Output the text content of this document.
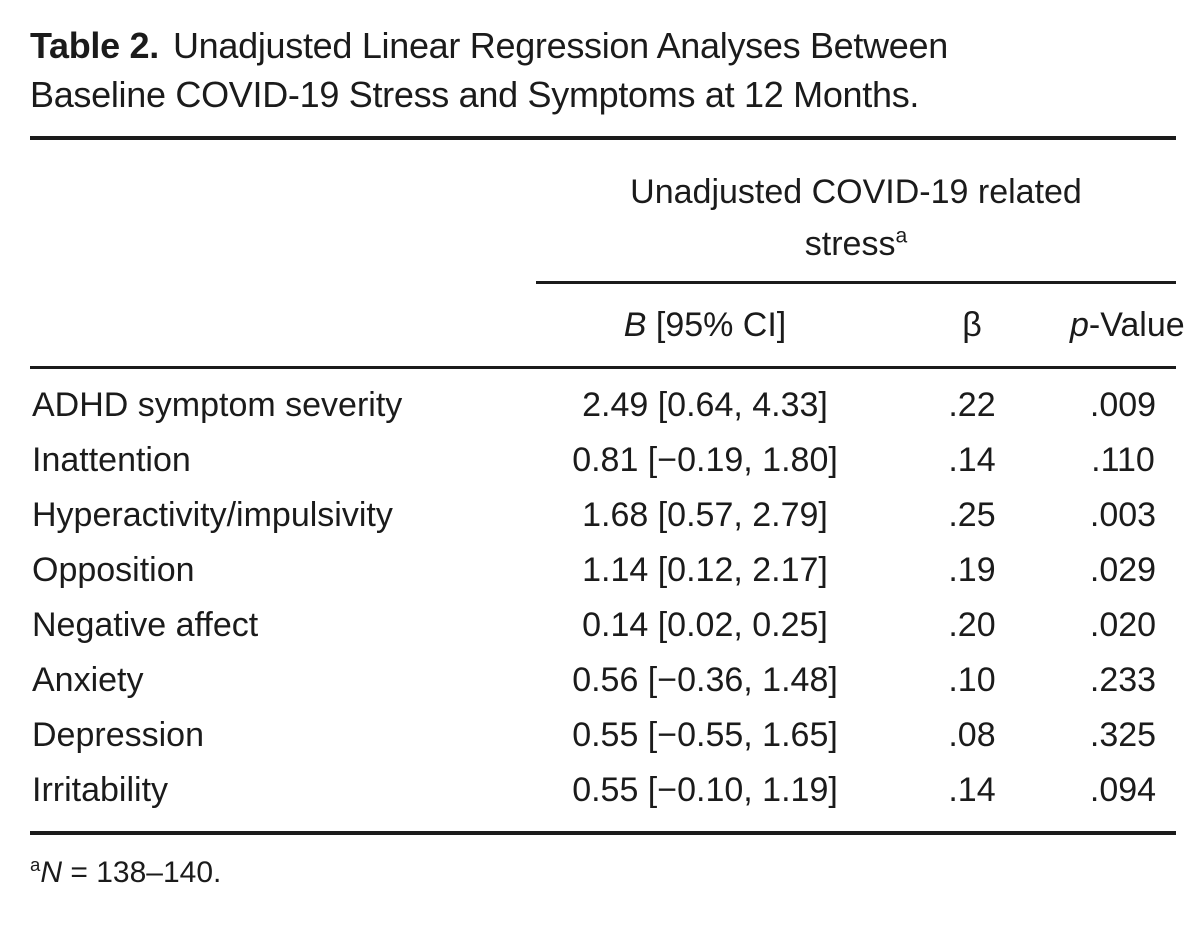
Table 2. Unadjusted Linear Regression Analyses Between
Baseline COVID-19 Stress and Symptoms at 12 Months.
Unadjusted COVID-19 related
stress$^a$
B [95% CI]	β	p-Value
ADHD symptom severity	2.49 [0.64, 4.33]	.22	.009
Inattention	0.81 [−0.19, 1.80]	.14	.110
Hyperactivity/impulsivity	1.68 [0.57, 2.79]	.25	.003
Opposition	1.14 [0.12, 2.17]	.19	.029
Negative affect	0.14 [0.02, 0.25]	.20	.020
Anxiety	0.56 [−0.36, 1.48]	.10	.233
Depression	0.55 [−0.55, 1.65]	.08	.325
Irritability	0.55 [−0.10, 1.19]	.14	.094
$^a$N = 138–140.
